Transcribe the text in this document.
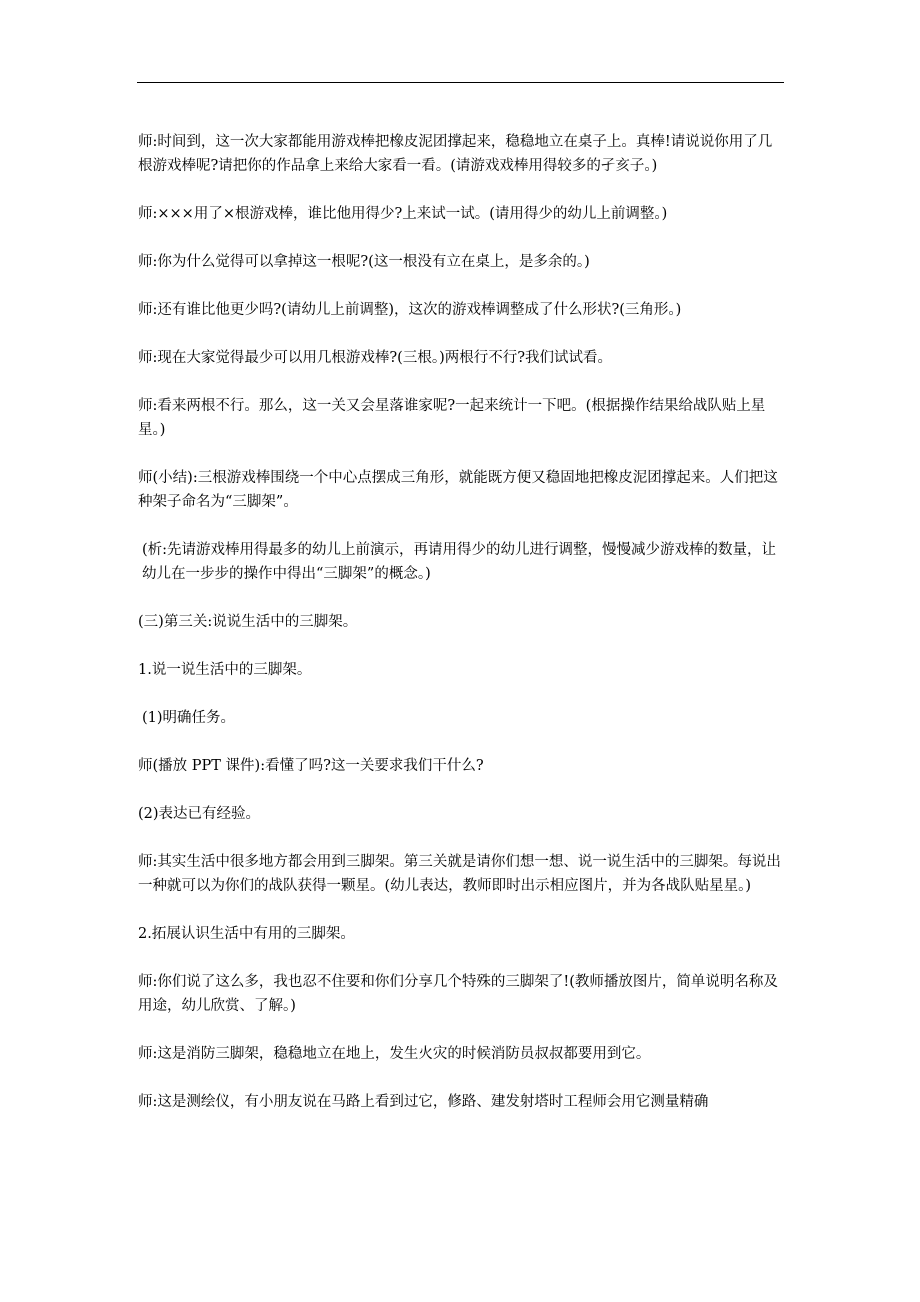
师:时间到，这一次大家都能用游戏棒把橡皮泥团撑起来，稳稳地立在桌子上。真棒!请说说你用了几根游戏棒呢?请把你的作品拿上来给大家看一看。(请游戏戏棒用得较多的孑亥子。)

师:×××用了×根游戏棒，谁比他用得少?上来试一试。(请用得少的幼儿上前调整。)

师:你为什么觉得可以拿掉这一根呢?(这一根没有立在桌上，是多余的。)

师:还有谁比他更少吗?(请幼儿上前调整)，这次的游戏棒调整成了什么形状?(三角形。)

师:现在大家觉得最少可以用几根游戏棒?(三根。)两根行不行?我们试试看。

师:看来两根不行。那么，这一关又会星落谁家呢?一起来统计一下吧。(根据操作结果给战队贴上星星。)

师(小结):三根游戏棒围绕一个中心点摆成三角形，就能既方便又稳固地把橡皮泥团撑起来。人们把这种架子命名为“三脚架”。

(析:先请游戏棒用得最多的幼儿上前演示，再请用得少的幼儿进行调整，慢慢减少游戏棒的数量，让幼儿在一步步的操作中得出“三脚架”的概念。)

(三)第三关:说说生活中的三脚架。

1.说一说生活中的三脚架。

(1)明确任务。

师(播放 PPT 课件):看懂了吗?这一关要求我们干什么?

(2)表达已有经验。

师:其实生活中很多地方都会用到三脚架。第三关就是请你们想一想、说一说生活中的三脚架。每说出一种就可以为你们的战队获得一颗星。(幼儿表达，教师即时出示相应图片，并为各战队贴星星。)

2.拓展认识生活中有用的三脚架。

师:你们说了这么多，我也忍不住要和你们分享几个特殊的三脚架了!(教师播放图片，简单说明名称及用途，幼儿欣赏、了解。)

师:这是消防三脚架，稳稳地立在地上，发生火灾的时候消防员叔叔都要用到它。

师:这是测绘仪，有小朋友说在马路上看到过它，修路、建发射塔时工程师会用它测量精确
